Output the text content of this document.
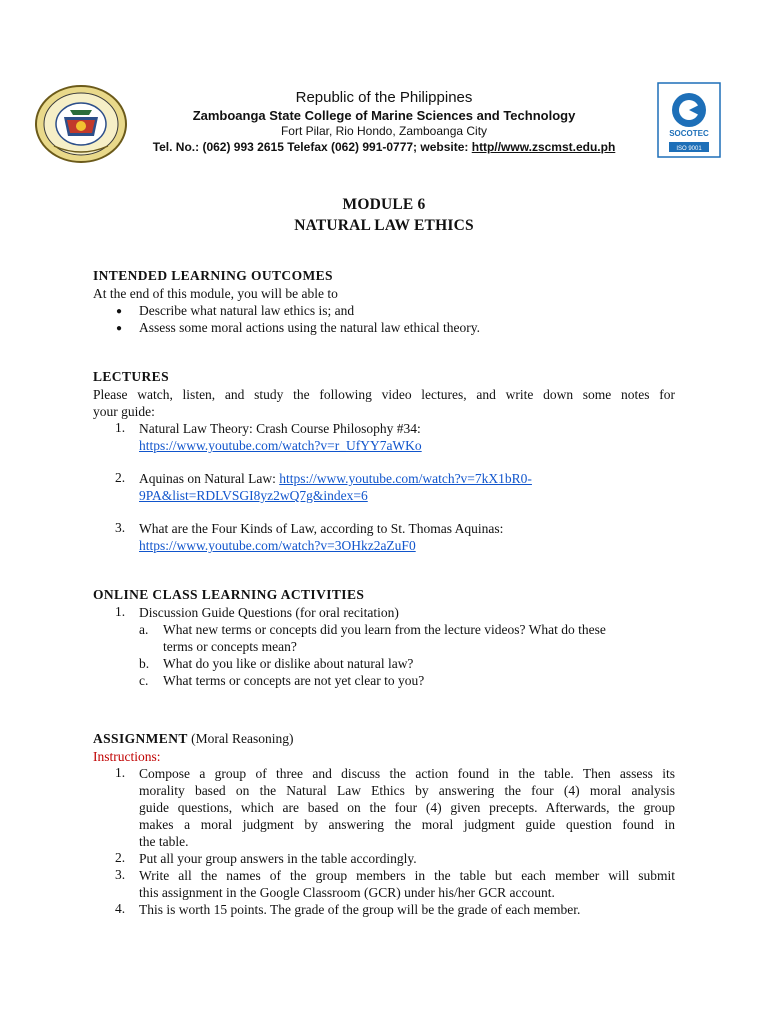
Republic of the Philippines
Zamboanga State College of Marine Sciences and Technology
Fort Pilar, Rio Hondo, Zamboanga City
Tel. No.: (062) 993 2615 Telefax (062) 991-0777; website: http//www.zscmst.edu.ph
SOCOTEC
ISO 9001
MODULE 6
NATURAL LAW ETHICS
INTENDED LEARNING OUTCOMES
At the end of this module, you will be able to
● Describe what natural law ethics is; and
● Assess some moral actions using the natural law ethical theory.
LECTURES
Please watch, listen, and study the following video lectures, and write down some notes for
your guide:
1. Natural Law Theory: Crash Course Philosophy #34:
https://www.youtube.com/watch?v=r_UfYY7aWKo
2. Aquinas on Natural Law: https://www.youtube.com/watch?v=7kX1bR0-
9PA&list=RDLVSGI8yz2wQ7g&index=6
3. What are the Four Kinds of Law, according to St. Thomas Aquinas:
https://www.youtube.com/watch?v=3OHkz2aZuF0
ONLINE CLASS LEARNING ACTIVITIES
1. Discussion Guide Questions (for oral recitation)
a. What new terms or concepts did you learn from the lecture videos? What do these
terms or concepts mean?
b. What do you like or dislike about natural law?
c. What terms or concepts are not yet clear to you?
ASSIGNMENT (Moral Reasoning)
Instructions:
1. Compose a group of three and discuss the action found in the table. Then assess its
morality based on the Natural Law Ethics by answering the four (4) moral analysis
guide questions, which are based on the four (4) given precepts. Afterwards, the group
makes a moral judgment by answering the moral judgment guide question found in
the table.
2. Put all your group answers in the table accordingly.
3. Write all the names of the group members in the table but each member will submit
this assignment in the Google Classroom (GCR) under his/her GCR account.
4. This is worth 15 points. The grade of the group will be the grade of each member.
